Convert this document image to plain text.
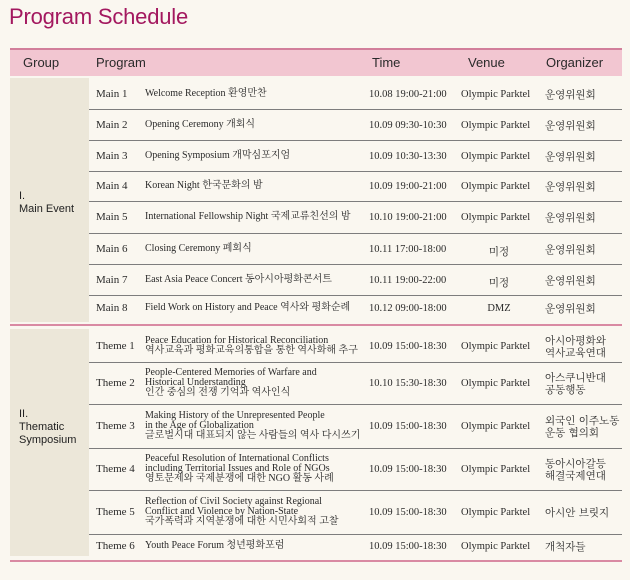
Program Schedule
Group	Program	Time	Venue	Organizer
I.
Main Event
II.
Thematic
Symposium
Main 1 Welcome Reception 환영만찬	10.08 19:00-21:00 Olympic Parktel	운영위원회
Main 2 Opening Ceremony 개회식	10.09 09:30-10:30 Olympic Parktel	운영위원회
Main 3 Opening Symposium 개막심포지엄	10.09 10:30-13:30 Olympic Parktel	운영위원회
Main 4 Korean Night 한국문화의 밤	10.09 19:00-21:00 Olympic Parktel	운영위원회
Main 5 International Fellowship Night 국제교류친선의 밤	10.10 19:00-21:00 Olympic Parktel	운영위원회
Main 6 Closing Ceremony 폐회식	10.11 17:00-18:00	미정	운영위원회
Main 7 East Asia Peace Concert 동아시아평화콘서트	10.11 19:00-22:00	미정	운영위원회
Main 8 Field Work on History and Peace 역사와 평화순례	10.12 09:00-18:00	DMZ	운영위원회
Theme 1 Peace Education for Historical Reconciliation
역사교육과 평화교육의통합을 통한 역사화해 추구	10.09 15:00-18:30 Olympic Parktel	아시아평화와
역사교육연대
Theme 2
People-Centered Memories of Warfare and
Historical Understanding
인간 중심의 전쟁 기억과 역사인식
10.10 15:30-18:30 Olympic Parktel	아스쿠니반대
공동행동
Theme 3
Making History of the Unrepresented People
in the Age of Globalization
글로벌시대 대표되지 않는 사람들의 역사 다시쓰기
10.09 15:00-18:30 Olympic Parktel	외국인 이주노동
운동 협의회
Theme 4
Peaceful Resolution of International Conflicts
including Territorial Issues and Role of NGOs
영토문제와 국제분쟁에 대한 NGO 활동 사례
10.09 15:00-18:30 Olympic Parktel	동아시아갈등
해결국제연대
Theme 5
Reflection of Civil Society against Regional
Conflict and Violence by Nation-State
국가폭력과 지역분쟁에 대한 시민사회적 고찰
10.09 15:00-18:30 Olympic Parktel	아시안 브릿지
Theme 6 Youth Peace Forum 청년평화포럼	10.09 15:00-18:30 Olympic Parktel	개척자들
